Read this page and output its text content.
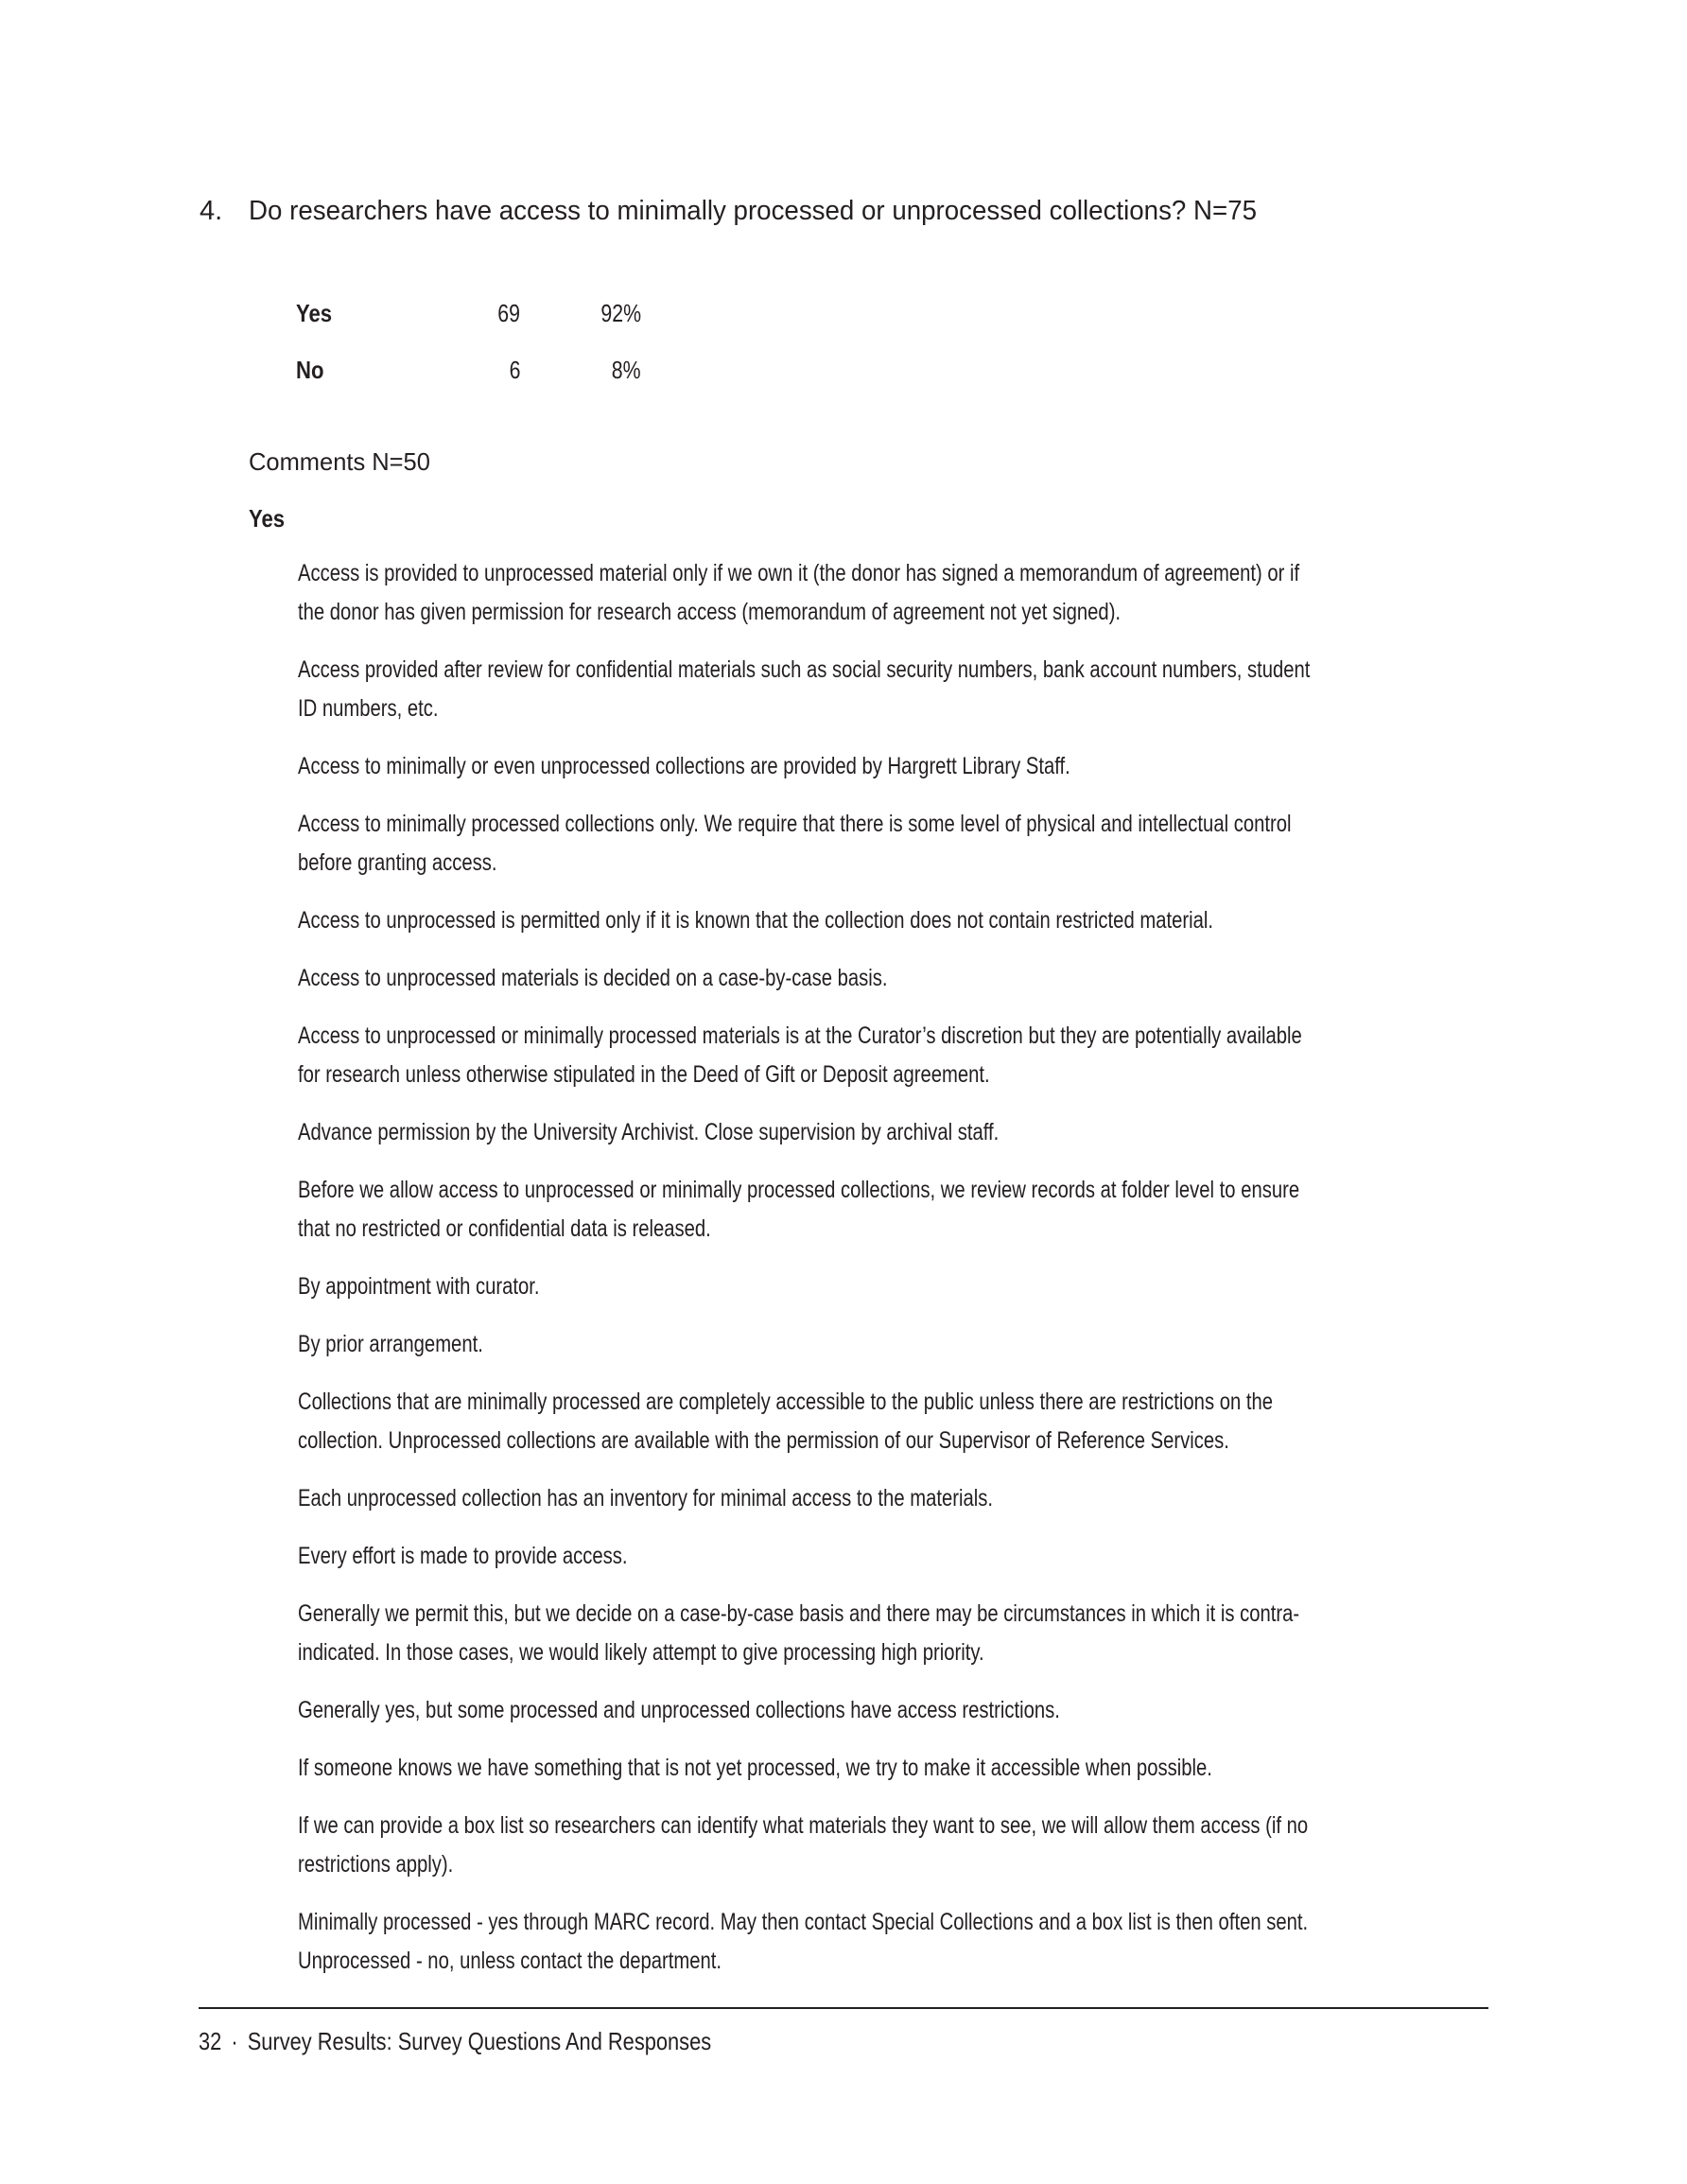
4. Do researchers have access to minimally processed or unprocessed collections? N=75
Yes	69	92%
No	6	8%
Comments N=50
Yes
Access is provided to unprocessed material only if we own it (the donor has signed a memorandum of agreement) or if
the donor has given permission for research access (memorandum of agreement not yet signed).
Access provided after review for confidential materials such as social security numbers, bank account numbers, student
ID numbers, etc.
Access to minimally or even unprocessed collections are provided by Hargrett Library Staff.
Access to minimally processed collections only. We require that there is some level of physical and intellectual control
before granting access.
Access to unprocessed is permitted only if it is known that the collection does not contain restricted material.
Access to unprocessed materials is decided on a case-by-case basis.
Access to unprocessed or minimally processed materials is at the Curator’s discretion but they are potentially available
for research unless otherwise stipulated in the Deed of Gift or Deposit agreement.
Advance permission by the University Archivist. Close supervision by archival staff.
Before we allow access to unprocessed or minimally processed collections, we review records at folder level to ensure
that no restricted or confidential data is released.
By appointment with curator.
By prior arrangement.
Collections that are minimally processed are completely accessible to the public unless there are restrictions on the
collection. Unprocessed collections are available with the permission of our Supervisor of Reference Services.
Each unprocessed collection has an inventory for minimal access to the materials.
Every effort is made to provide access.
Generally we permit this, but we decide on a case-by-case basis and there may be circumstances in which it is contra-
indicated. In those cases, we would likely attempt to give processing high priority.
Generally yes, but some processed and unprocessed collections have access restrictions.
If someone knows we have something that is not yet processed, we try to make it accessible when possible.
If we can provide a box list so researchers can identify what materials they want to see, we will allow them access (if no
restrictions apply).
Minimally processed - yes through MARC record. May then contact Special Collections and a box list is then often sent.
Unprocessed - no, unless contact the department.
32 · Survey Results: Survey Questions And Responses
